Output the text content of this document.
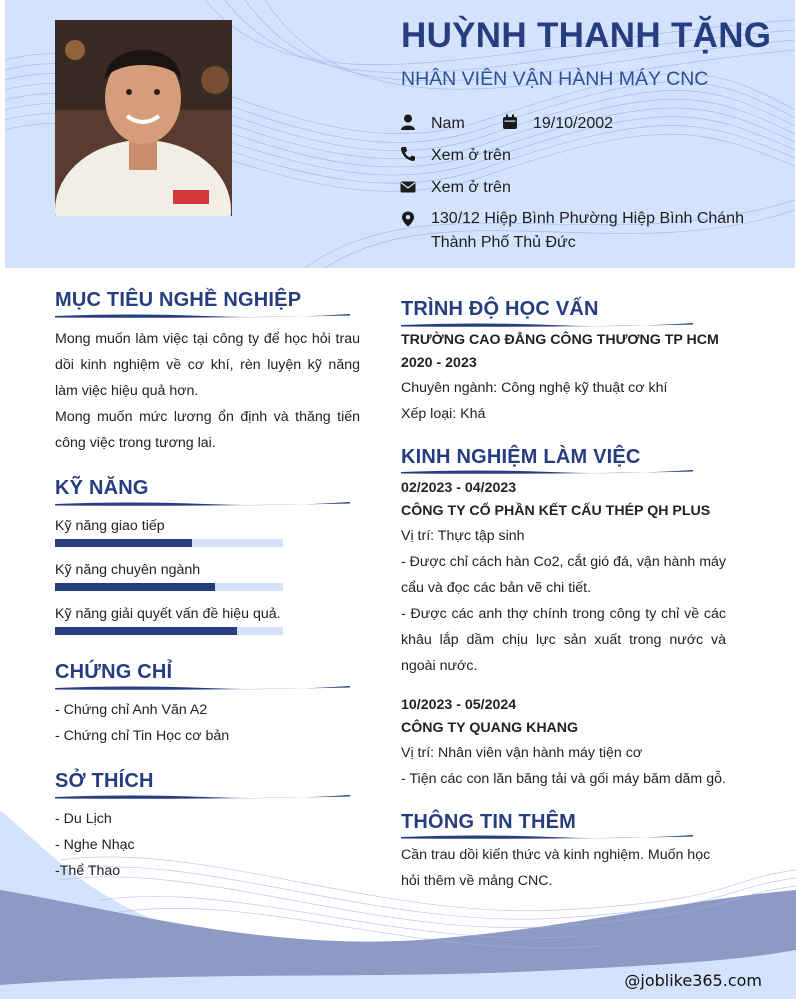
HUỲNH THANH TẶNG
NHÂN VIÊN VẬN HÀNH MÁY CNC
Nam	19/10/2002
Xem ở trên
Xem ở trên
130/12 Hiệp Bình Phường Hiệp Bình Chánh
Thành Phố Thủ Đức
MỤC TIÊU NGHỀ NGHIỆP
Mong muốn làm việc tại công ty để học hỏi trau dồi kinh nghiệm về cơ khí, rèn luyện kỹ năng làm việc hiệu quả hơn.
Mong muốn mức lương ổn định và thăng tiến công việc trong tương lai.
KỸ NĂNG
Kỹ năng giao tiếp
Kỹ năng chuyên ngành
Kỹ năng giải quyết vấn đề hiệu quả.
CHỨNG CHỈ
- Chứng chỉ Anh Văn A2
- Chứng chỉ Tin Học cơ bản
SỞ THÍCH
- Du Lịch
- Nghe Nhạc
-Thể Thao
TRÌNH ĐỘ HỌC VẤN
TRƯỜNG CAO ĐẲNG CÔNG THƯƠNG TP HCM
2020 - 2023
Chuyên ngành: Công nghệ kỹ thuật cơ khí
Xếp loại: Khá
KINH NGHIỆM LÀM VIỆC
02/2023 - 04/2023
CÔNG TY CỔ PHẦN KẾT CẤU THÉP QH PLUS
Vị trí: Thực tập sinh
- Được chỉ cách hàn Co2, cắt gió đá, vận hành máy cẩu và đọc các bản vẽ chi tiết.
- Được các anh thợ chính trong công ty chỉ về các khâu lắp dầm chịu lực sản xuất trong nước và ngoài nước.
10/2023 - 05/2024
CÔNG TY QUANG KHANG
Vị trí: Nhân viên vận hành máy tiện cơ
- Tiện các con lăn băng tải và gối máy băm dăm gỗ.
THÔNG TIN THÊM
Cần trau dồi kiến thức và kinh nghiệm. Muốn học hỏi thêm về mảng CNC.
@joblike365.com
